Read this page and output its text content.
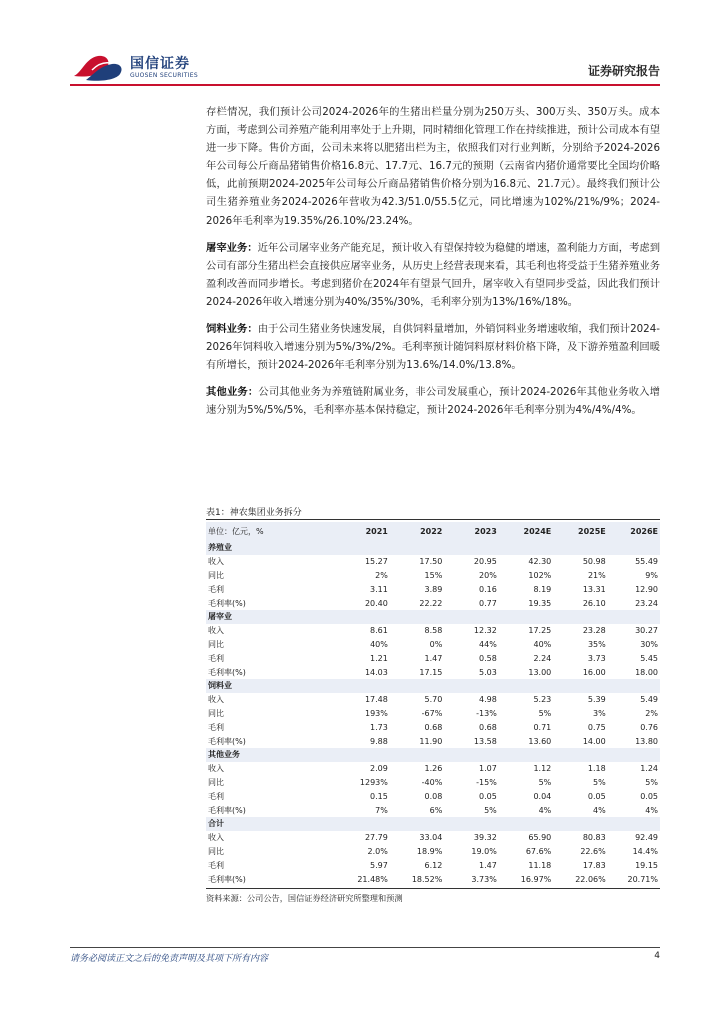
国信证券
GUOSEN SECURITIES	证券研究报告

存栏情况，我们预计公司2024-2026年的生猪出栏量分别为250万头、300万头、350万头。成本方面，考虑到公司养殖产能利用率处于上升期，同时精细化管理工作在持续推进，预计公司成本有望进一步下降。售价方面，公司未来将以肥猪出栏为主，依照我们对行业判断，分别给予2024-2026年公司每公斤商品猪销售价格16.8元、17.7元、16.7元的预期（云南省内猪价通常要比全国均价略低，此前预期2024-2025年公司每公斤商品猪销售价格分别为16.8元、21.7元）。最终我们预计公司生猪养殖业务2024-2026年营收为42.3/51.0/55.5亿元，同比增速为102%/21%/9%；2024-2026年毛利率为19.35%/26.10%/23.24%。

屠宰业务：近年公司屠宰业务产能充足，预计收入有望保持较为稳健的增速，盈利能力方面，考虑到公司有部分生猪出栏会直接供应屠宰业务，从历史上经营表现来看，其毛利也将受益于生猪养殖业务盈利改善而同步增长。考虑到猪价在2024年有望景气回升，屠宰收入有望同步受益，因此我们预计2024-2026年收入增速分别为40%/35%/30%，毛利率分别为13%/16%/18%。

饲料业务：由于公司生猪业务快速发展，自供饲料量增加，外销饲料业务增速收缩，我们预计2024-2026年饲料收入增速分别为5%/3%/2%。毛利率预计随饲料原材料价格下降，及下游养殖盈利回暖有所增长，预计2024-2026年毛利率分别为13.6%/14.0%/13.8%。

其他业务：公司其他业务为养殖链附属业务，非公司发展重心，预计2024-2026年其他业务收入增速分别为5%/5%/5%，毛利率亦基本保持稳定，预计2024-2026年毛利率分别为4%/4%/4%。

表1：神农集团业务拆分
单位：亿元，%	2021	2022	2023	2024E	2025E	2026E
养殖业						
收入	15.27	17.50	20.95	42.30	50.98	55.49
同比	2%	15%	20%	102%	21%	9%
毛利	3.11	3.89	0.16	8.19	13.31	12.90
毛利率(%)	20.40	22.22	0.77	19.35	26.10	23.24
屠宰业						
收入	8.61	8.58	12.32	17.25	23.28	30.27
同比	40%	0%	44%	40%	35%	30%
毛利	1.21	1.47	0.58	2.24	3.73	5.45
毛利率(%)	14.03	17.15	5.03	13.00	16.00	18.00
饲料业						
收入	17.48	5.70	4.98	5.23	5.39	5.49
同比	193%	-67%	-13%	5%	3%	2%
毛利	1.73	0.68	0.68	0.71	0.75	0.76
毛利率(%)	9.88	11.90	13.58	13.60	14.00	13.80
其他业务						
收入	2.09	1.26	1.07	1.12	1.18	1.24
同比	1293%	-40%	-15%	5%	5%	5%
毛利	0.15	0.08	0.05	0.04	0.05	0.05
毛利率(%)	7%	6%	5%	4%	4%	4%
合计						
收入	27.79	33.04	39.32	65.90	80.83	92.49
同比	2.0%	18.9%	19.0%	67.6%	22.6%	14.4%
毛利	5.97	6.12	1.47	11.18	17.83	19.15
毛利率(%)	21.48%	18.52%	3.73%	16.97%	22.06%	20.71%
资料来源：公司公告，国信证券经济研究所整理和预测
请务必阅读正文之后的免责声明及其项下所有内容	4
